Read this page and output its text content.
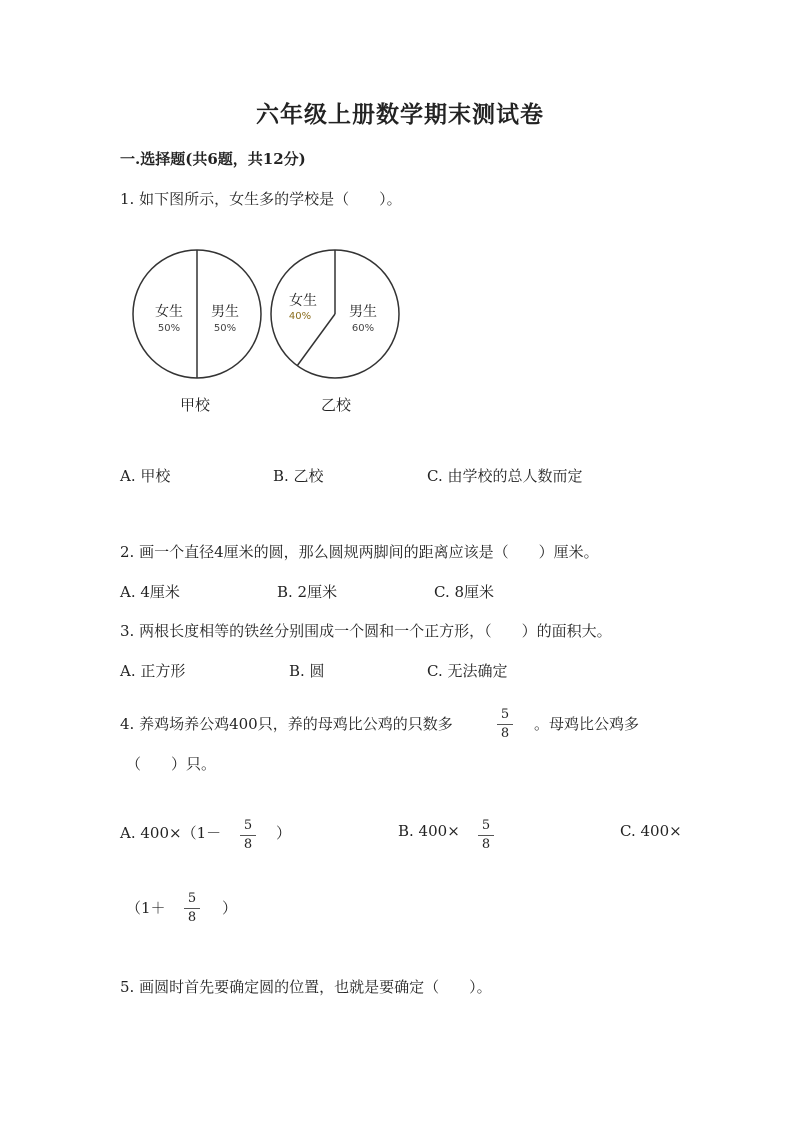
六年级上册数学期末测试卷
一.选择题(共6题，共12分)
1. 如下图所示，女生多的学校是（　　）。
女生
50%
男生
50%
甲校
女生
40%	男生
60%
乙校
A. 甲校	B. 乙校	C. 由学校的总人数而定
2. 画一个直径4厘米的圆，那么圆规两脚间的距离应该是（　　）厘米。
A. 4厘米	B. 2厘米	C. 8厘米
3. 两根长度相等的铁丝分别围成一个圆和一个正方形，（　　）的面积大。
A. 正方形	B. 圆	C. 无法确定
4. 养鸡场养公鸡400只，养的母鸡比公鸡的只数多
5
8
。母鸡比公鸡多
（　　）只。
A. 400×（1－ 5
8
）	B. 400× 5
8
C. 400×
（1＋
5
8
）
5. 画圆时首先要确定圆的位置，也就是要确定（　　）。
